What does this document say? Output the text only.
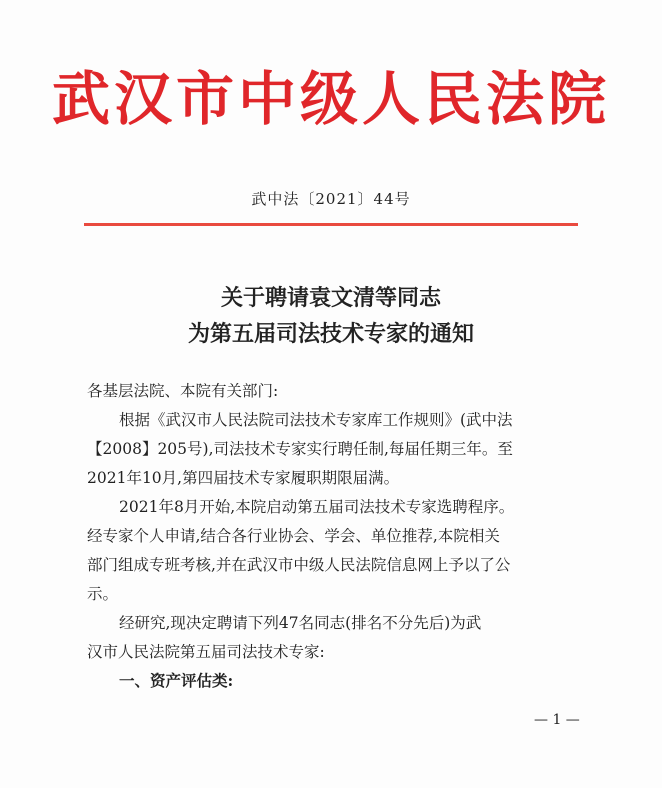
武汉市中级人民法院
武中法〔2021〕44号
关于聘请袁文清等同志
为第五届司法技术专家的通知
各基层法院、本院有关部门:
根据《武汉市人民法院司法技术专家库工作规则》(武中法
【2008】205号),司法技术专家实行聘任制,每届任期三年。至
2021年10月,第四届技术专家履职期限届满。
2021年8月开始,本院启动第五届司法技术专家选聘程序。
经专家个人申请,结合各行业协会、学会、单位推荐,本院相关
部门组成专班考核,并在武汉市中级人民法院信息网上予以了公
示。
经研究,现决定聘请下列47名同志(排名不分先后)为武
汉市人民法院第五届司法技术专家:
一、资产评估类:
— 1 —
